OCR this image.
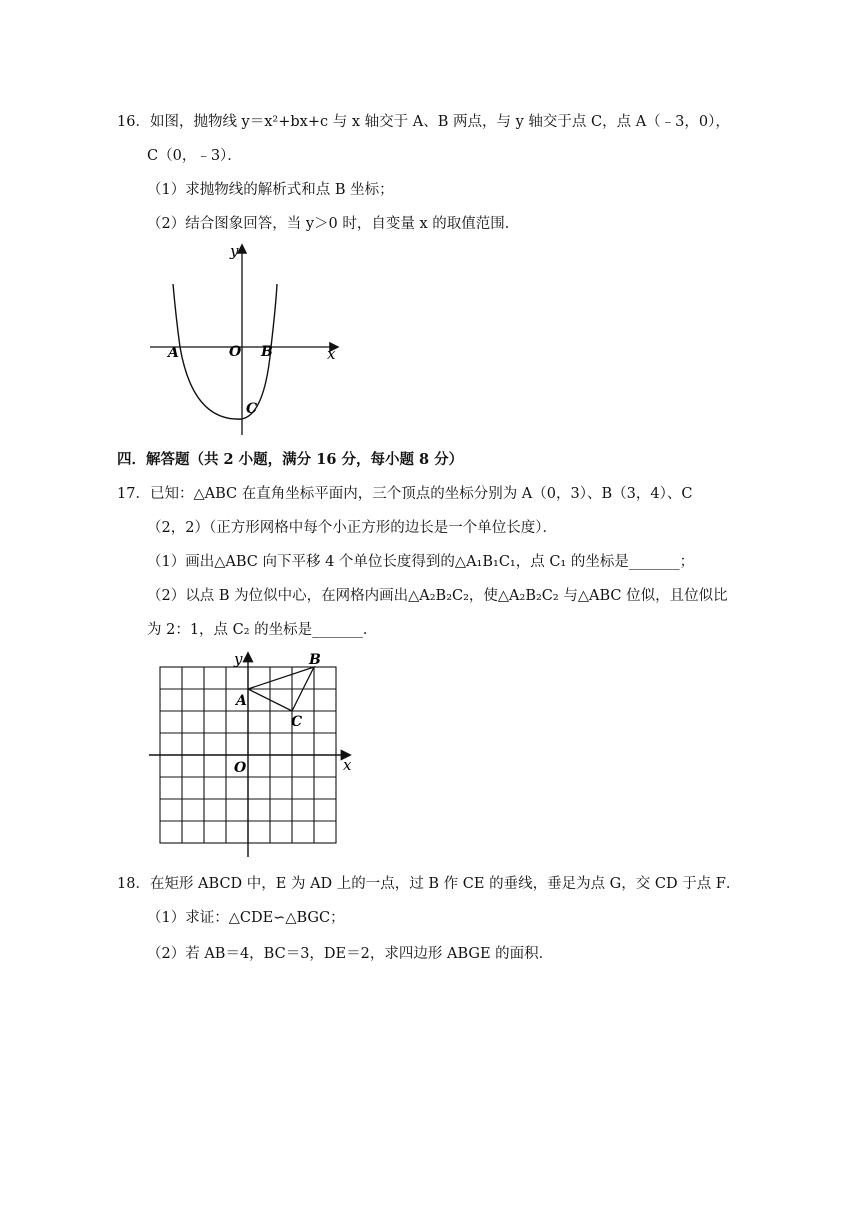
16．如图，抛物线 y＝x²+bx+c 与 x 轴交于 A、B 两点，与 y 轴交于点 C，点 A（﹣3，0），
C（0，﹣3）．
（1）求抛物线的解析式和点 B 坐标；
（2）结合图象回答，当 y＞0 时，自变量 x 的取值范围．
y
x
A	O B
C
四．解答题（共 2 小题，满分 16 分，每小题 8 分）
17．已知：△ABC 在直角坐标平面内，三个顶点的坐标分别为 A（0，3）、B（3，4）、C
（2，2）（正方形网格中每个小正方形的边长是一个单位长度）．
（1）画出△ABC 向下平移 4 个单位长度得到的△A₁B₁C₁，点 C₁ 的坐标是_______；
（2）以点 B 为位似中心，在网格内画出△A₂B₂C₂，使△A₂B₂C₂ 与△ABC 位似，且位似比
为 2：1，点 C₂ 的坐标是_______．
y
x
O
A
B
C
18．在矩形 ABCD 中，E 为 AD 上的一点，过 B 作 CE 的垂线，垂足为点 G，交 CD 于点 F．
（1）求证：△CDE∽△BGC；
（2）若 AB＝4，BC＝3，DE＝2，求四边形 ABGE 的面积．
